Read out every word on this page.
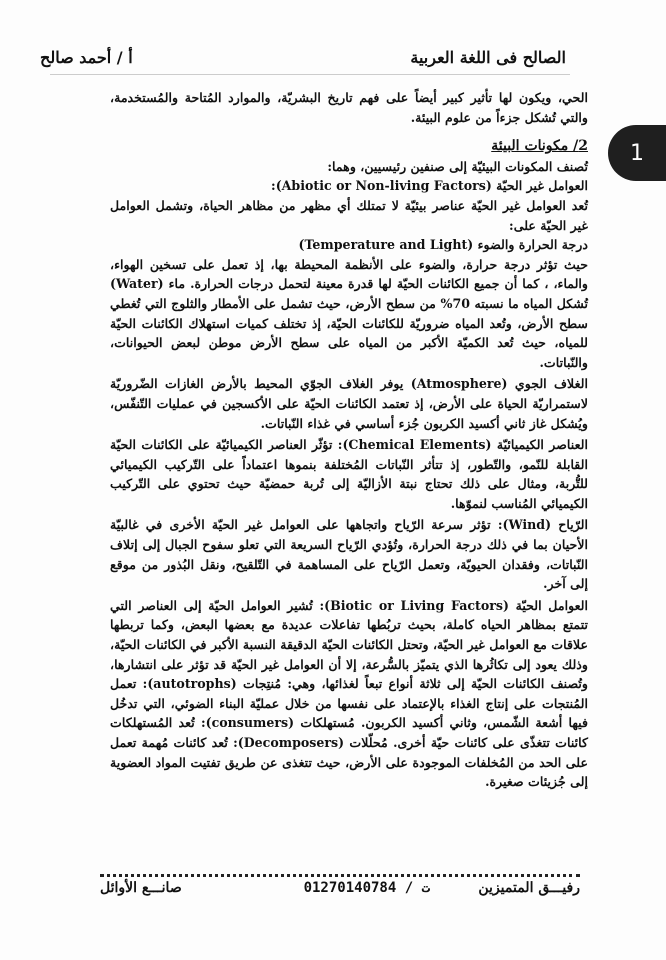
الصالح فى اللغة العربية
أ / أحمد صالح
1

الحي، ويكون لها تأثير كبير أيضاً على فهم تاريخ البشريّة، والموارد المُتاحة والمُستخدمة، والتي تُشكل جزءاً من علوم البيئة.

2/ مكونات البيئة

تُصنف المكونات البيئيّة إلى صنفين رئيسيين، وهما:

العوامل غير الحيّة (Abiotic or Non-living Factors):

تُعد العوامل غير الحيّة عناصر بيئيّة لا تمتلك أي مظهر من مظاهر الحياة، وتشمل العوامل غير الحيّة على:

درجة الحرارة والضوء (Temperature and Light)

حيث تؤثر درجة حرارة، والضوء على الأنظمة المحيطة بها، إذ تعمل على تسخين الهواء، والماء، ، كما أن جميع الكائنات الحيّة لها قدرة معينة لتحمل درجات الحرارة. ماء (Water) تُشكل المياه ما نسبته 70% من سطح الأرض، حيث تشمل على الأمطار والثلوج التي تُغطي سطح الأرض، وتُعد المياه ضروريّة للكائنات الحيّة، إذ تختلف كميات استهلاك الكائنات الحيّة للمياه، حيث تُعد الكميّة الأكبر من المياه على سطح الأرض موطن لبعض الحيوانات، والنّباتات.

الغلاف الجوي (Atmosphere) يوفر الغلاف الجوّي المحيط بالأرض الغازات الضّروريّة لاستمراريّة الحياة على الأرض، إذ تعتمد الكائنات الحيّة على الأكسجين في عمليات التّنفّس، ويُشكل غاز ثاني أكسيد الكربون جُزء أساسي في غذاء النّباتات.

العناصر الكيميائيّة (Chemical Elements): تؤثّر العناصر الكيميائيّة على الكائنات الحيّة القابلة للنّمو، والتّطور، إذ تتأثر النّباتات المُختلفة بنموها اعتماداً على التّركيب الكيميائي للتُّربة، ومثال على ذلك تحتاج نبتة الأزاليّة إلى تُربة حمضيّة حيث تحتوي على التّركيب الكيميائي المُناسب لنموّها.

الرّياح (Wind): تؤثر سرعة الرّياح واتجاهها على العوامل غير الحيّة الأخرى في غالبيّة الأحيان بما في ذلك درجة الحرارة، وتُؤدي الرّياح السريعة التي تعلو سفوح الجبال إلى إتلاف النّباتات، وفقدان الحيويّة، وتعمل الرّياح على المساهمة في التّلقيح، ونقل البُذور من موقع إلى آخر.

العوامل الحيّة (Biotic or Living Factors): تُشير العوامل الحيّة إلى العناصر التي تتمتع بمظاهر الحياه كاملة، بحيث تربُطها تفاعلات عديدة مع بعضها البعض، وكما تربطها علاقات مع العوامل غير الحيّة، وتحتل الكائنات الحيّة الدقيقة النسبة الأكبر في الكائنات الحيّة، وذلك يعود إلى تكاثُرها الذي يتميّز بالسُّرعة، إلا أن العوامل غير الحيّة قد تؤثر على انتشارها، وتُصنف الكائنات الحيّة إلى ثلاثة أنواع تبعاً لغذائها، وهي: مُنتِجات (autotrophs): تعمل المُنتجات على إنتاج الغذاء بالإعتماد على نفسها من خلال عمليّة البناء الضوئي، التي تدخُل فيها أشعة الشّمس، وثاني أكسيد الكربون. مُستهلكات (consumers): تُعد المُستهلكات كائنات تتغذّى على كائنات حيّة أخرى. مُحلّلات (Decomposers): تُعد كائنات مُهمة تعمل على الحد من المُخلفات الموجودة على الأرض، حيث تتغذى عن طريق تفتيت المواد العضوية إلى جُزيئات صغيرة.

رفيـــق المتميزين
ت / 01270140784
صانـــع الأوائل
